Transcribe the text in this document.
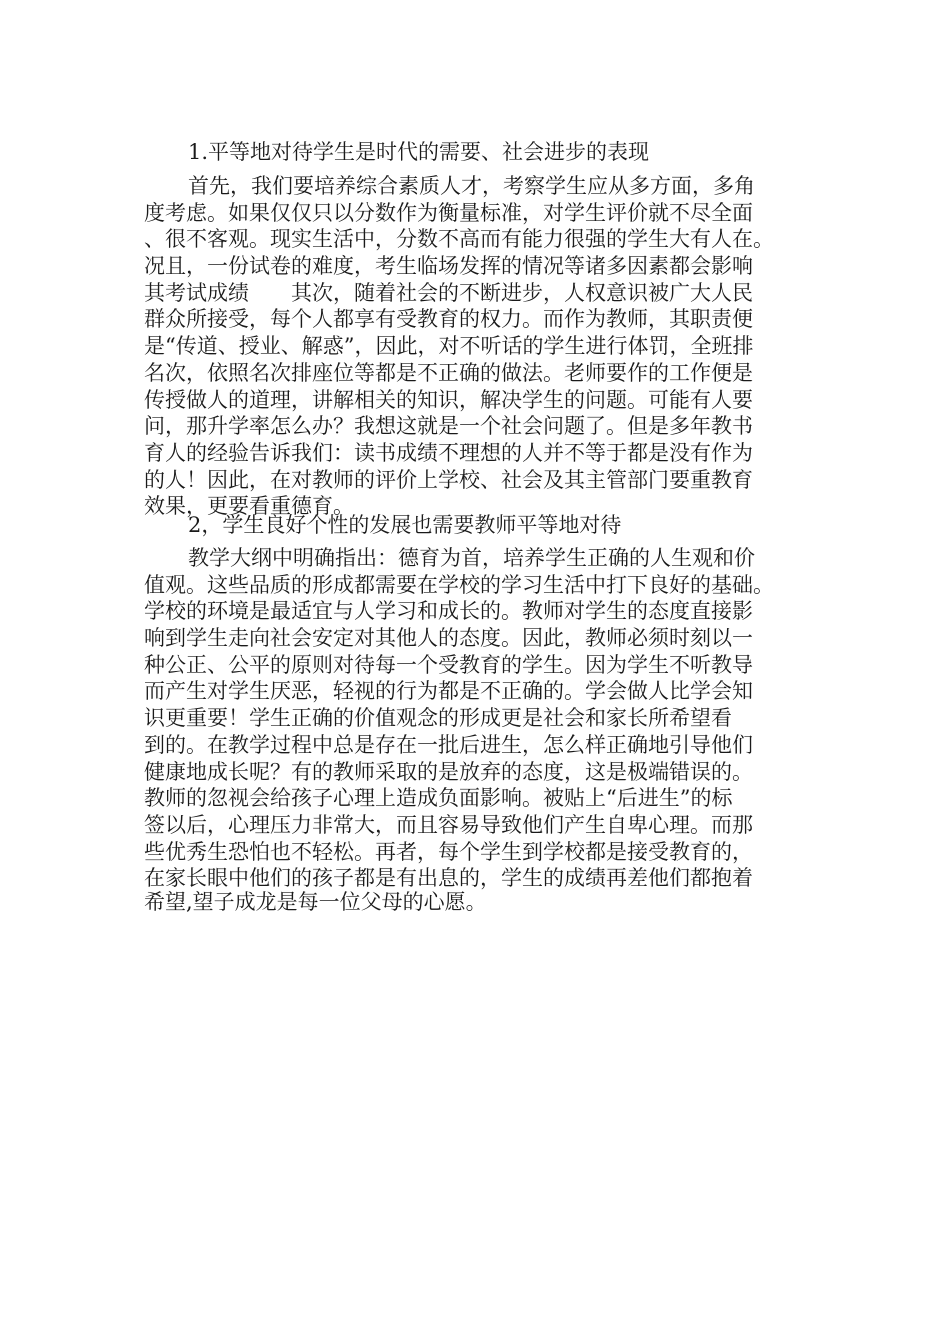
1.平等地对待学生是时代的需要、社会进步的表现
首先，我们要培养综合素质人才，考察学生应从多方面，多角
度考虑。如果仅仅只以分数作为衡量标准，对学生评价就不尽全面
、很不客观。现实生活中，分数不高而有能力很强的学生大有人在。
况且，一份试卷的难度，考生临场发挥的情况等诸多因素都会影响
其考试成绩　　其次，随着社会的不断进步，人权意识被广大人民
群众所接受，每个人都享有受教育的权力。而作为教师，其职责便
是“传道、授业、解惑”，因此，对不听话的学生进行体罚，全班排
名次，依照名次排座位等都是不正确的做法。老师要作的工作便是
传授做人的道理，讲解相关的知识，解决学生的问题。可能有人要
问，那升学率怎么办？我想这就是一个社会问题了。但是多年教书
育人的经验告诉我们：读书成绩不理想的人并不等于都是没有作为
的人！因此，在对教师的评价上学校、社会及其主管部门要重教育
效果，更要看重德育。
2，学生良好个性的发展也需要教师平等地对待
教学大纲中明确指出：德育为首，培养学生正确的人生观和价
值观。这些品质的形成都需要在学校的学习生活中打下良好的基础。
学校的环境是最适宜与人学习和成长的。教师对学生的态度直接影
响到学生走向社会安定对其他人的态度。因此，教师必须时刻以一
种公正、公平的原则对待每一个受教育的学生。因为学生不听教导
而产生对学生厌恶，轻视的行为都是不正确的。学会做人比学会知
识更重要！学生正确的价值观念的形成更是社会和家长所希望看
到的。在教学过程中总是存在一批后进生，怎么样正确地引导他们
健康地成长呢？有的教师采取的是放弃的态度，这是极端错误的。
教师的忽视会给孩子心理上造成负面影响。被贴上“后进生”的标
签以后，心理压力非常大，而且容易导致他们产生自卑心理。而那
些优秀生恐怕也不轻松。再者，每个学生到学校都是接受教育的，
在家长眼中他们的孩子都是有出息的，学生的成绩再差他们都抱着
希望,望子成龙是每一位父母的心愿。
